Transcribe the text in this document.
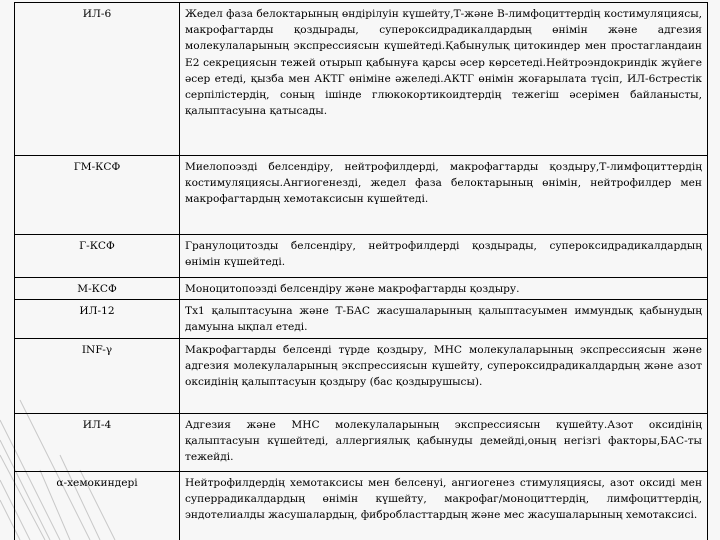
ИЛ-6	Жедел фаза белоктарының өндірілуін күшейту,Т-және В-лимфоциттердің костимуляциясы, макрофагтарды қоздырады, супероксидрадикалдардың өнімін және адгезия молекулаларының экспрессиясын күшейтеді.Қабынулық цитокиндер мен простагландаин Е2 секрециясын тежей отырып қабынуға қарсы әсер көрсетеді.Нейтроэндокриндік жүйеге әсер етеді, қызба мен АКТГ өніміне әжеледі.АКТГ өнімін жоғарылата түсіп, ИЛ-6стрестік серпілістердің, соның ішінде глюкокортикоидтердің тежегіш әсерімен байланысты, қалыптасуына қатысады.
ГМ-КСФ	Миелопоэзді белсендіру, нейтрофилдерді, макрофагтарды қоздыру,Т-лимфоциттердің костимуляциясы.Ангиогенезді, жедел фаза белоктарының өнімін, нейтрофилдер мен макрофагтардың хемотаксисын күшейтеді.
Г-КСФ	Гранулоцитозды белсендіру, нейтрофилдерді қоздырады, супероксидрадикалдардың өнімін күшейтеді.
М-КСФ	Моноцитопоэзді белсендіру және макрофагтарды қоздыру.
ИЛ-12	Тх1 қалыптасуына және Т-БАС жасушаларының қалыптасуымен иммундық қабынудың дамуына ықпал етеді.
INF-γ	Макрофагтарды белсенді түрде қоздыру, МНС молекулаларының экспрессиясын және адгезия молекулаларының экспрессиясын күшейту, супероксидрадикалдардың және азот оксидінің қалыптасуын қоздыру (бас қоздырушысы).
ИЛ-4	Адгезия және МНС молекулаларының экспрессиясын күшейту.Азот оксидінің қалыптасуын күшейтеді, аллергиялық қабынуды демейді,оның негізгі факторы,БАС-ты тежейді.
α-хемокиндері	Нейтрофилдердің хемотаксисы мен белсенуі, ангиогенез стимуляциясы, азот оксиді мен суперрадикалдардың өнімін күшейту, макрофаг/моноциттердің, лимфоциттердің, эндотелиалды жасушалардың, фибробласттардың және мес жасушаларының хемотаксисі.
